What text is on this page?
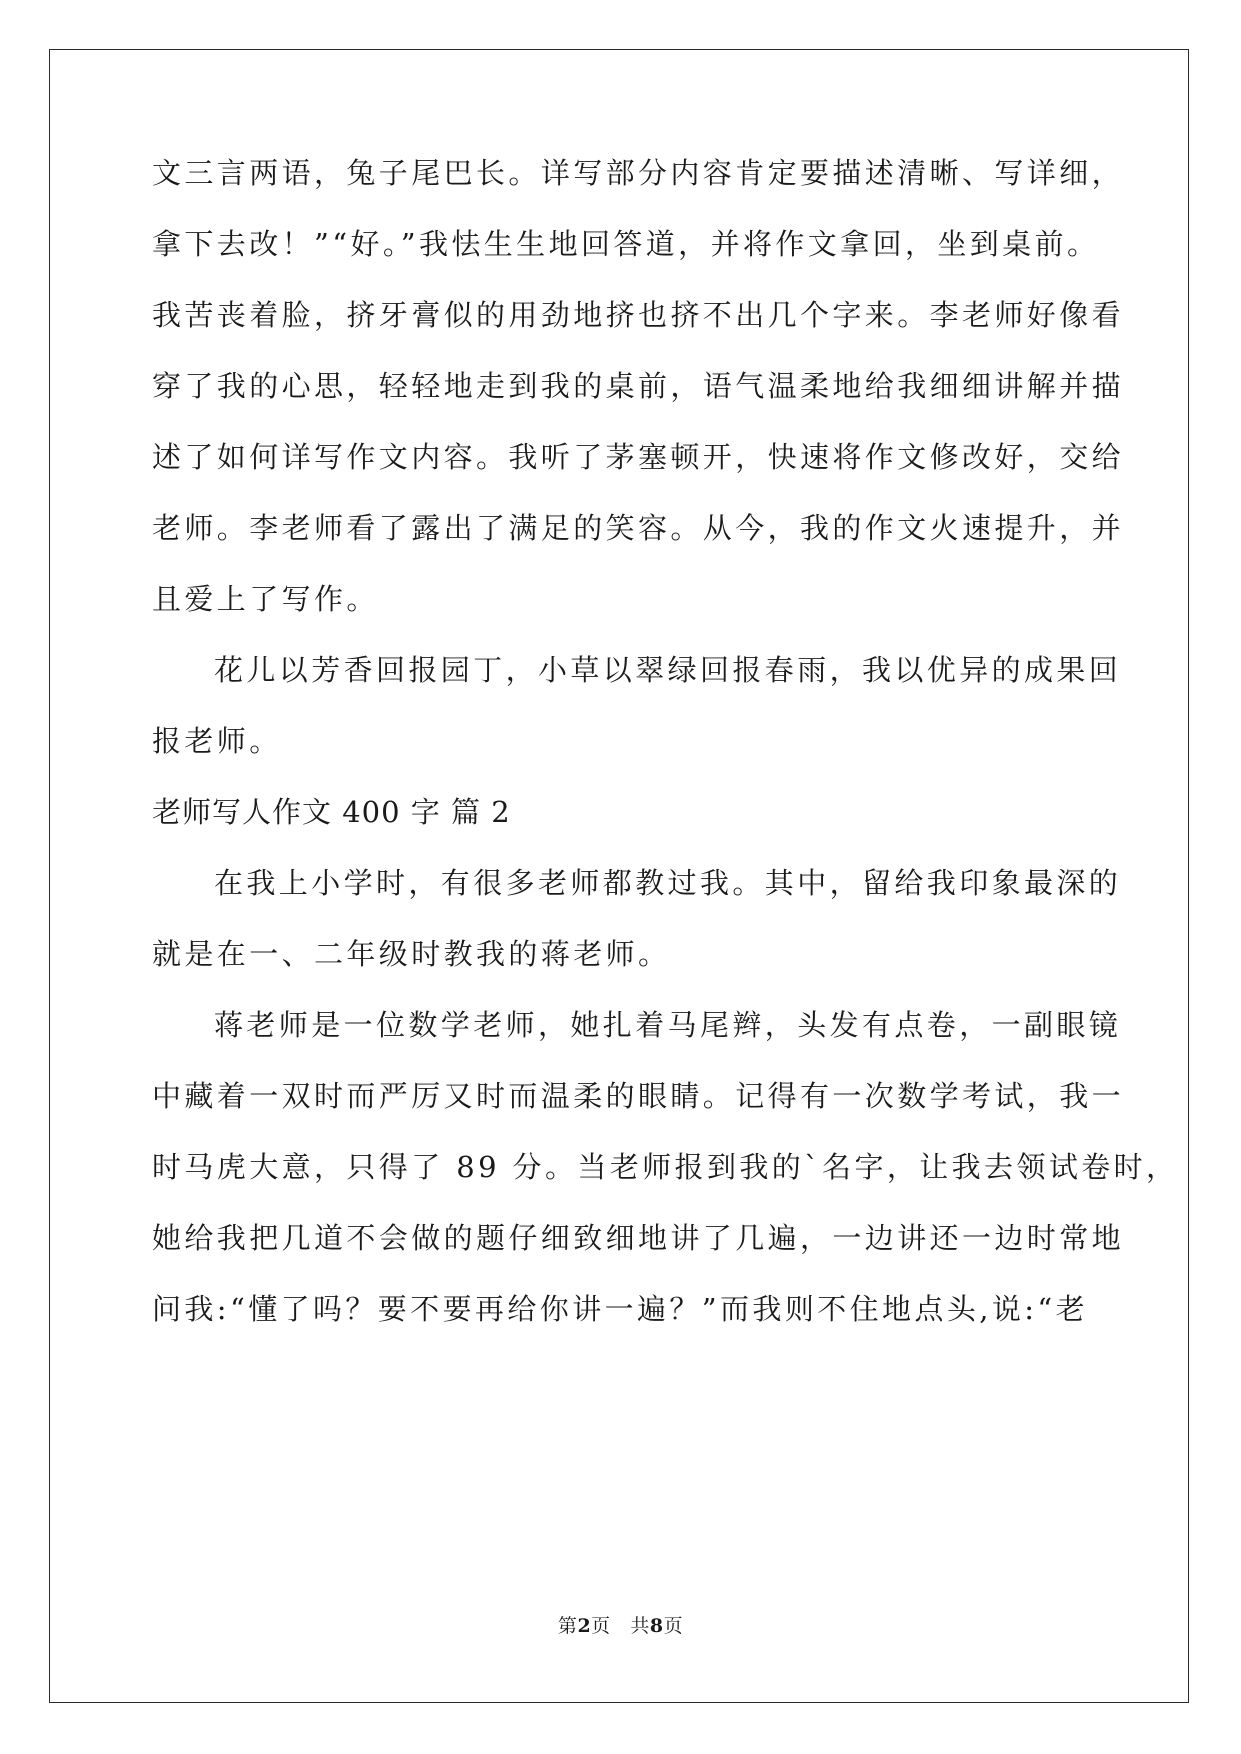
文三言两语，兔子尾巴长。详写部分内容肯定要描述清晰、写详细，
拿下去改！”“好。”我怯生生地回答道，并将作文拿回，坐到桌前。
我苦丧着脸，挤牙膏似的用劲地挤也挤不出几个字来。李老师好像看
穿了我的心思，轻轻地走到我的桌前，语气温柔地给我细细讲解并描
述了如何详写作文内容。我听了茅塞顿开，快速将作文修改好，交给
老师。李老师看了露出了满足的笑容。从今，我的作文火速提升，并
且爱上了写作。
花儿以芳香回报园丁，小草以翠绿回报春雨，我以优异的成果回
报老师。
老师写人作文 400 字 篇 2
在我上小学时，有很多老师都教过我。其中，留给我印象最深的
就是在一、二年级时教我的蒋老师。
蒋老师是一位数学老师，她扎着马尾辫，头发有点卷，一副眼镜
中藏着一双时而严厉又时而温柔的眼睛。记得有一次数学考试，我一
时马虎大意，只得了 89 分。当老师报到我的`名字，让我去领试卷时，
她给我把几道不会做的题仔细致细地讲了几遍，一边讲还一边时常地
问我:“懂了吗？要不要再给你讲一遍？”而我则不住地点头,说:“老
第2页 共8页
